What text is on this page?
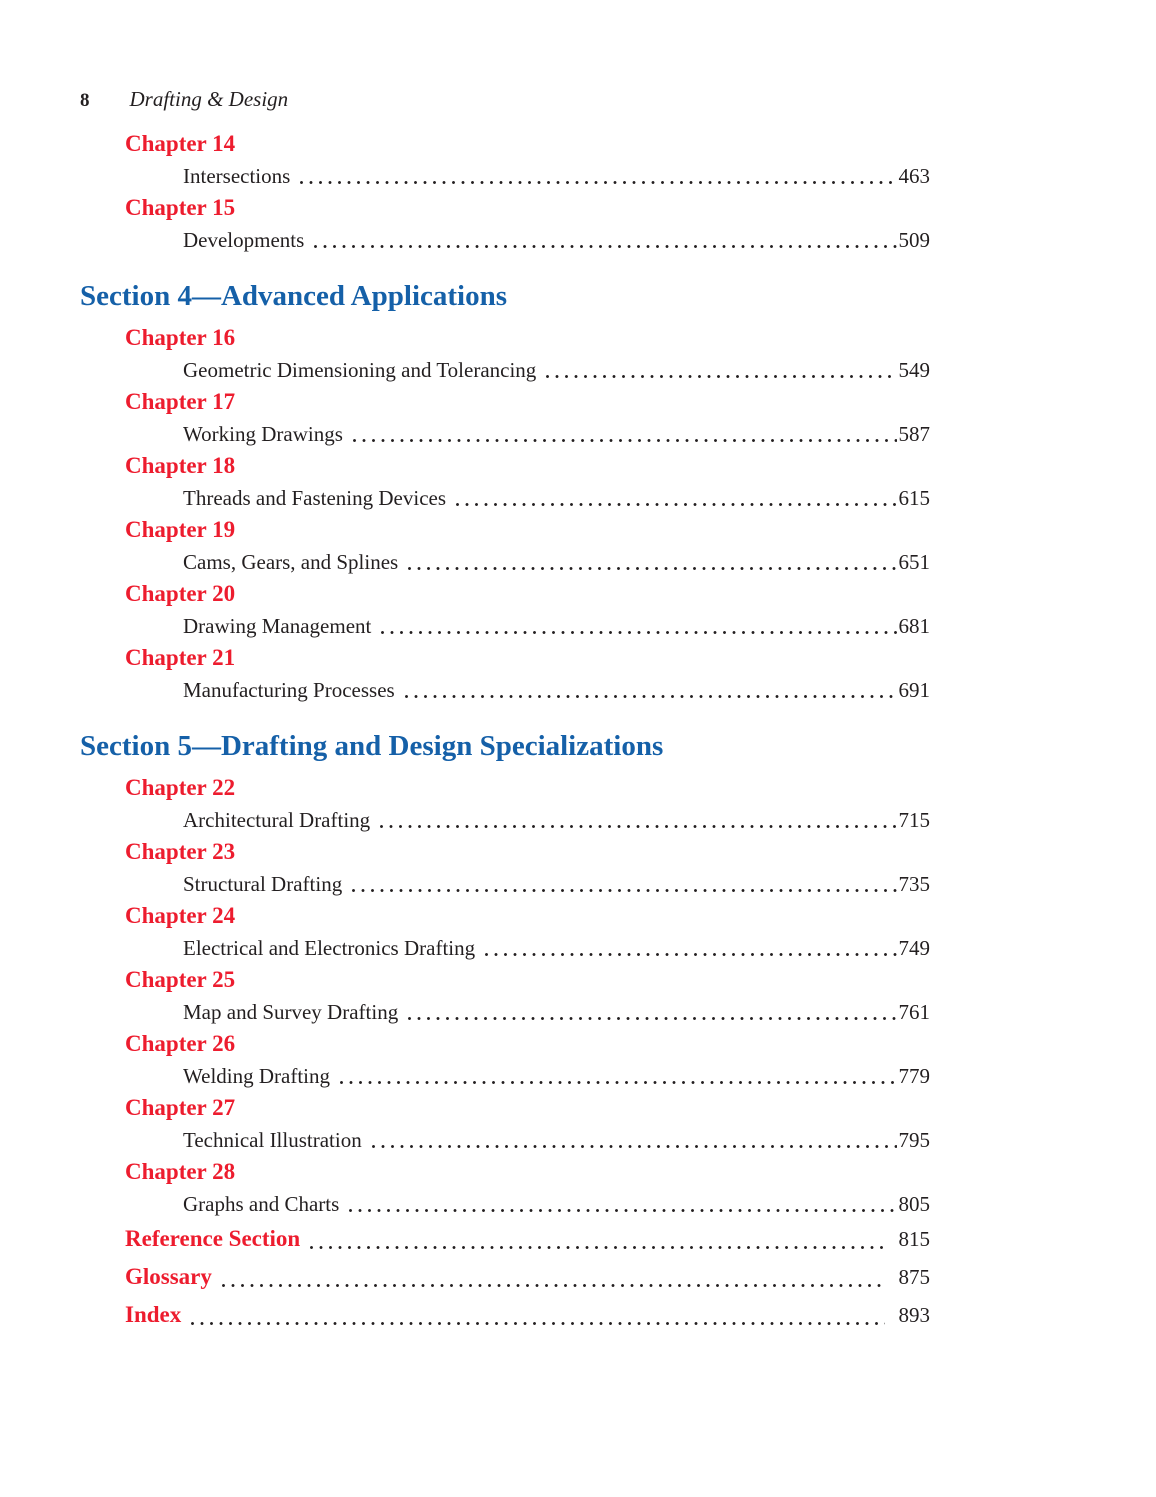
8 Drafting & Design
Chapter 14
Intersections	463
Chapter 15
Developments	509
Section 4—Advanced Applications
Chapter 16
Geometric Dimensioning and Tolerancing	549
Chapter 17
Working Drawings	587
Chapter 18
Threads and Fastening Devices	615
Chapter 19
Cams, Gears, and Splines	651
Chapter 20
Drawing Management	681
Chapter 21
Manufacturing Processes	691
Section 5—Drafting and Design Specializations
Chapter 22
Architectural Drafting	715
Chapter 23
Structural Drafting	735
Chapter 24
Electrical and Electronics Drafting	749
Chapter 25
Map and Survey Drafting	761
Chapter 26
Welding Drafting	779
Chapter 27
Technical Illustration	795
Chapter 28
Graphs and Charts	805
Reference Section	815
Glossary	875
Index	893
